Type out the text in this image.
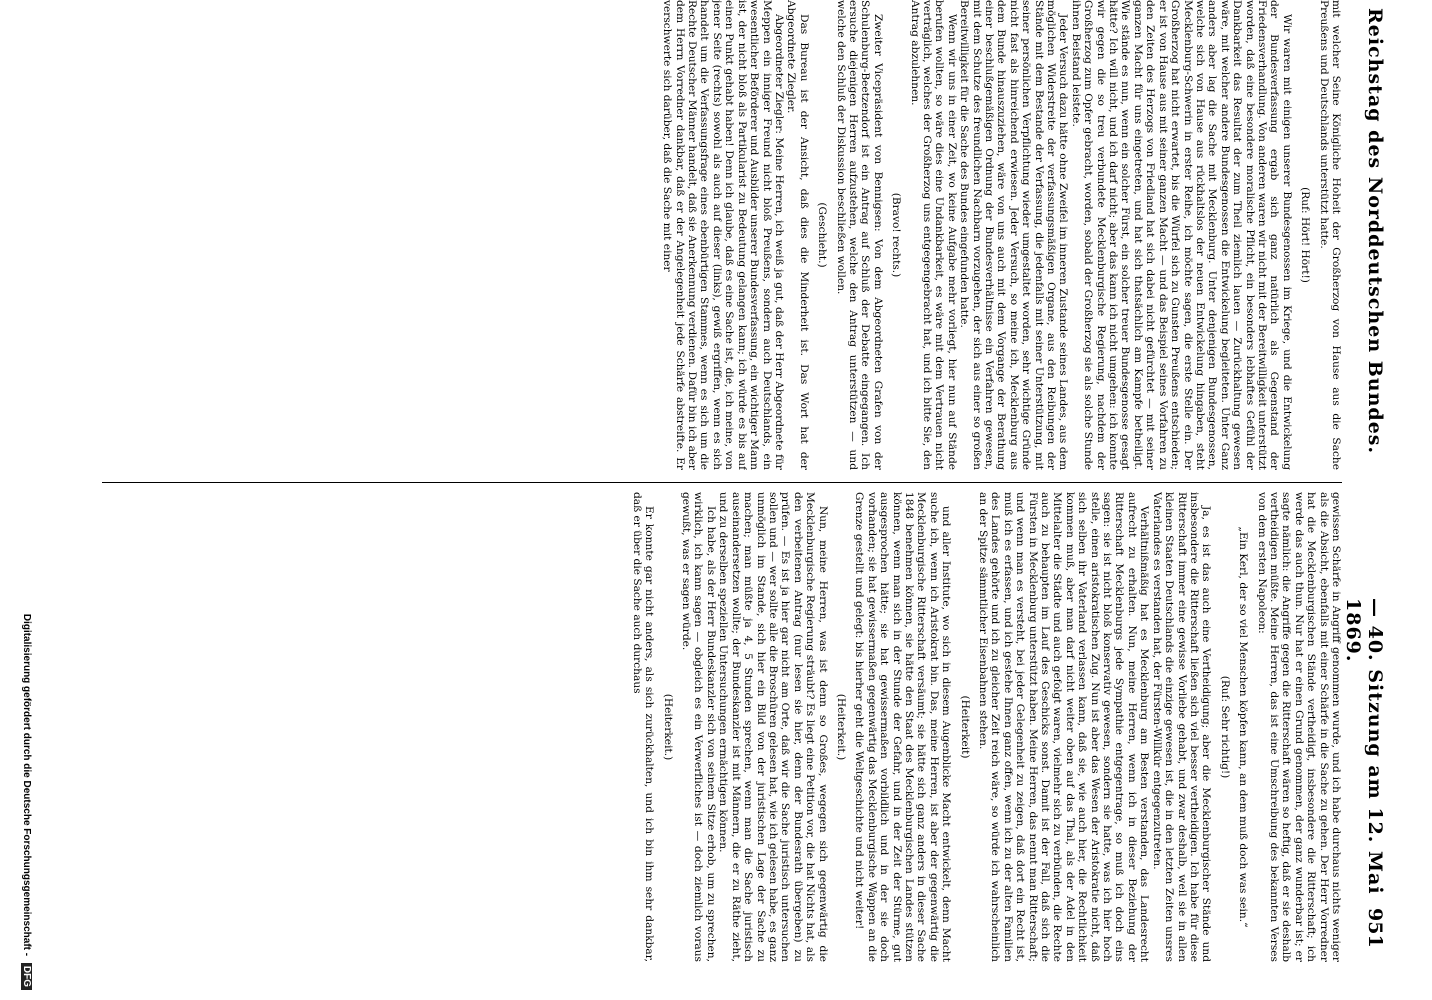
Reichstag des Norddeutschen Bundes.
— 40. Sitzung am 12. Mai 1869.
951

mit welcher Seine Königliche Hoheit der Großherzog von Hause aus die Sache Preußens und Deutschlands unterstützt hatte.

(Ruf: Hört! Hört!)

Wir waren mit einigen unserer Bundesgenossen im Kriege, und die Entwickelung der Bundesverfassung ergab sich ganz natürlich als Gegenstand der Friedensverhandlung. Von anderen waren wir nicht mit der Bereitwilligkeit unterstützt worden, daß eine besondere moralische Pflicht, ein besonders lebhaftes Gefühl der Dankbarkeit das Resultat der zum Theil ziemlich lauen — Zurückhaltung gewesen wäre, mit welcher andere Bundesgenossen die Entwickelung begleiteten. Unter Ganz anders aber lag die Sache mit Mecklenburg. Unter denjenigen Bundesgenossen, welche sich von Hause aus rückhaltslos der neuen Entwickelung hingaben, steht Mecklenburg-Schwerin in erster Reihe, ich möchte sagen, die erste Stelle ein. Der Großherzog hat nicht erwartet, bis die Würfel sich zu Gunsten Preußens entschieden; er ist von Hause aus mit seiner ganzen Macht — und das Beispiel seines Vorfahren zu den Zeiten des Herzogs von Friedland hat sich dabei nicht gefürchtet — mit seiner ganzen Macht für uns eingetreten, und hat sich thatsächlich am Kampfe betheiligt. Wie stände es nun, wenn ein solcher Fürst, ein solcher treuer Bundesgenosse gesagt hätte? Ich will nicht, und ich darf nicht; aber das kann ich nicht umgehen: ich konnte wir gegen die so treu verbundete Mecklenburgische Regierung, nachdem der Großherzog zum Opfer gebracht, worden, sobald der Großherzog sie als solche Stunde ihnen Beistand leistete.

Jeder Versuch dazu hätte ohne Zweifel im inneren Zustande seines Landes, aus dem möglichen Widerstreite der verfassungsmäßigen Organe, aus den Reibungen der Stände mit dem Bestande der Verfassung, die jedenfalls mit seiner Unterstützung, mit seiner persönlichen Verpflichtung wieder umgestaltet worden, sehr wichtige Gründe nicht fast als hinreichend erwiesen. Jeder Versuch, so meine ich, Mecklenburg aus dem Bunde hinauszuziehen, wäre von uns auch mit dem Vorgange der Berathung einer beschlußgemäßigen Ordnung der Bundesverhältnisse ein Verfahren gewesen, mit dem Schutze des freundlichen Nachbarn vorzugehen, der sich aus einer so großen Bereitwilligkeit für die Sache des Bundes eingefunden hatte.

Wenn wir uns in einer Zeit, wo keine Aufgabe mehr vorliegt, hier nun auf Stände berufen wollten, so wäre dies eine Undankbarkeit, es wäre mit dem Vertrauen nicht verträglich, welches der Großherzog uns entgegengebracht hat, und ich bitte Sie, den Antrag abzulehnen.

(Bravo! rechts.)

Zweiter Vicepräsident von Bennigsen: Von dem Abgeordneten Grafen von der Schulenburg-Beetzendorf ist ein Antrag auf Schluß der Debatte eingegangen. Ich ersuche diejenigen Herren aufzustehen, welche den Antrag unterstützen — und welche den Schluß der Diskussion beschließen wollen.

(Geschieht.)

Das Bureau ist der Ansicht, daß dies die Minderheit ist. Das Wort hat der Abgeordnete Ziegler.

Abgeordneter Ziegler: Meine Herren, ich weiß ja gut, daß der Herr Abgeordnete für Meppen ein inniger Freund nicht bloß Preußens, sondern auch Deutschlands, ein wesentlicher Beförderer und Ausbilder unserer Bundesverfassung, ein wichtiger Mann ist, der nicht bloß als Partikularist zu Bedeutung gelangen kann; ich würde es bis auf einen Punkt gehabt haben! Denn ich glaube, daß es eine Sache ist, die, ich meine, von jener Seite (rechts) sowohl als auch auf dieser (links), gewiß ergriffen, wenn es sich handelt um die Verfassungsfrage eines ebenbürtigen Stammes, wenn es sich um die Rechte Deutscher Männer handelt, daß sie Anerkennung verdienen. Dafür bin ich aber dem Herrn Vorredner dankbar, daß er der Angelegenheit jede Schärfe abstreifte. Er verschwerte sich darüber, daß die Sache mit einer

gewissen Schärfe in Angriff genommen wurde, und ich habe durchaus nichts weniger als die Absicht, ebenfalls mit einer Schärfe in die Sache zu gehen. Der Herr Vorredner hat die Mecklenburgischen Stände vertheidigt, insbesondere die Ritterschaft; ich werde das auch thun. Nur hat er einen Grund genommen, der ganz wunderbar ist; er sagte nämlich: die Angriffe gegen die Ritterschaft wären so heftig, daß er sie deshalb vertheidigen müßte. Meine Herren, das ist eine Umschreibung des bekannten Verses von dem ersten Napoleon:

„Ein Kerl, der so viel Menschen köpfen kann, an dem muß doch was sein.“

(Ruf: Sehr richtig!)

Ja, es ist das auch eine Vertheidigung; aber die Mecklenburgischer Stände und insbesondere die Ritterschaft ließen sich viel besser vertheidigen. Ich habe für diese Ritterschaft immer eine gewisse Vorliebe gehabt, und zwar deshalb, weil sie in allen kleinen Staaten Deutschlands die einzige gewesen ist, die in den letzten Zeiten unsres Vaterlandes es verstanden hat, der Fürsten-Willkür entgegenzutreten.

Verhältnißmäßig hat es Mecklenburg am Besten verstanden, das Landesrecht aufrecht zu erhalten. Nun, meine Herren, wenn ich in dieser Beziehung der Ritterschaft Mecklenburgs jede Sympathie entgegentrage, so muß ich doch eins sagen: sie ist nicht bloß konservativ gewesen, sondern sie hatte, was ich hier hoch stelle, einen aristokratischen Zug. Nun ist aber das Wesen der Aristokratie nicht, daß sich selben ihr Vaterland verlassen kann, daß sie, wie auch hier, die Rechtlichkeit kommen muß, aber man darf nicht weiter oben auf das Thal, als der Adel in den Mittelalter die Städte und auch gefolgt waren, vielmehr sich zu verbünden, die Rechte auch zu behaupten im Lauf des Geschicks sonst. Damit ist der Fall, daß sich die Fürsten in Mecklenburg unterstützt haben. Meine Herren, das nennt man Ritterschaft; und wenn man es versteht, bei jeder Gelegenheit zu zeigen, daß dort ein Recht ist, muß ich es erfassen, und ich gestehe Ihnen ganz offen, wenn ich zu der alten Familien des Landes gehörte und ich zu gleicher Zeit reich wäre, so würde ich wahrscheinlich an der Spitze sämmtlicher Eisenbahnen stehen.

(Heiterkeit)

und aller Institute, wo sich in diesem Augenblicke Macht entwickelt, denn Macht suche ich, wenn ich Aristokrat bin. Das, meine Herren, ist aber der gegenwärtig die Mecklenburgische Ritterschaft versäumt; sie hätte sich ganz anders in dieser Sache 1848 benehmen können, sie hätte den Staat des Mecklenburgischen Landes stützen können, wenn man sich in der Stunde der Gefahr, und in der Zeit der Stürme, gut ausgesprochen hätte; sie hat gewissermaßen vorbildlich und in der sie doch vorhanden; sie hat gewissermaßen gegenwärtig das Mecklenburgische Wappen an die Grenze gestellt und gelegt: bis hierher geht die Weltgeschichte und nicht weiter!

(Heiterkeit.)

Nun, meine Herren, was ist denn so Großes, wegegen sich gegenwärtig die Mecklenburgische Regierung sträubt? Es liegt eine Petition vor, die hat Nichts hat, als den verbeitenen Antrag (nur lesen sie hier, denn der Bundesrath übergeben) zu prüfen. — Es ist ja hier gar nicht am Orte, daß wir die Sache juristisch untersuchen sollen und — wer sollte alle die Broschüren gelesen hat, wie ich gelesen habe, es ganz unmöglich im Stande, sich hier ein Bild von der juristischen Lage der Sache zu machen; man müßte ja 4, 5 Stunden sprechen, wenn man die Sache juristisch auseinandersetzen wollte; der Bundeskanzler ist mit Männern, die er zu Räthe zieht, und zu derselben speziellen Untersuchungen ermächtigen können.

Ich habe, als der Herr Bundeskanzler sich von seinem Sitze erhob, um zu sprechen, wirklich, ich kann sagen — obgleich es ein Verwerfliches ist — doch ziemlich voraus gewußt, was er sagen würde.

(Heiterkeit.)

Er konnte gar nicht anders, als sich zurückhalten, und ich bin ihm sehr dankbar, daß er über die Sache auch durchaus

Digitalisierung gefördert durch die Deutsche Forschungsgemeinschaft - DFG
